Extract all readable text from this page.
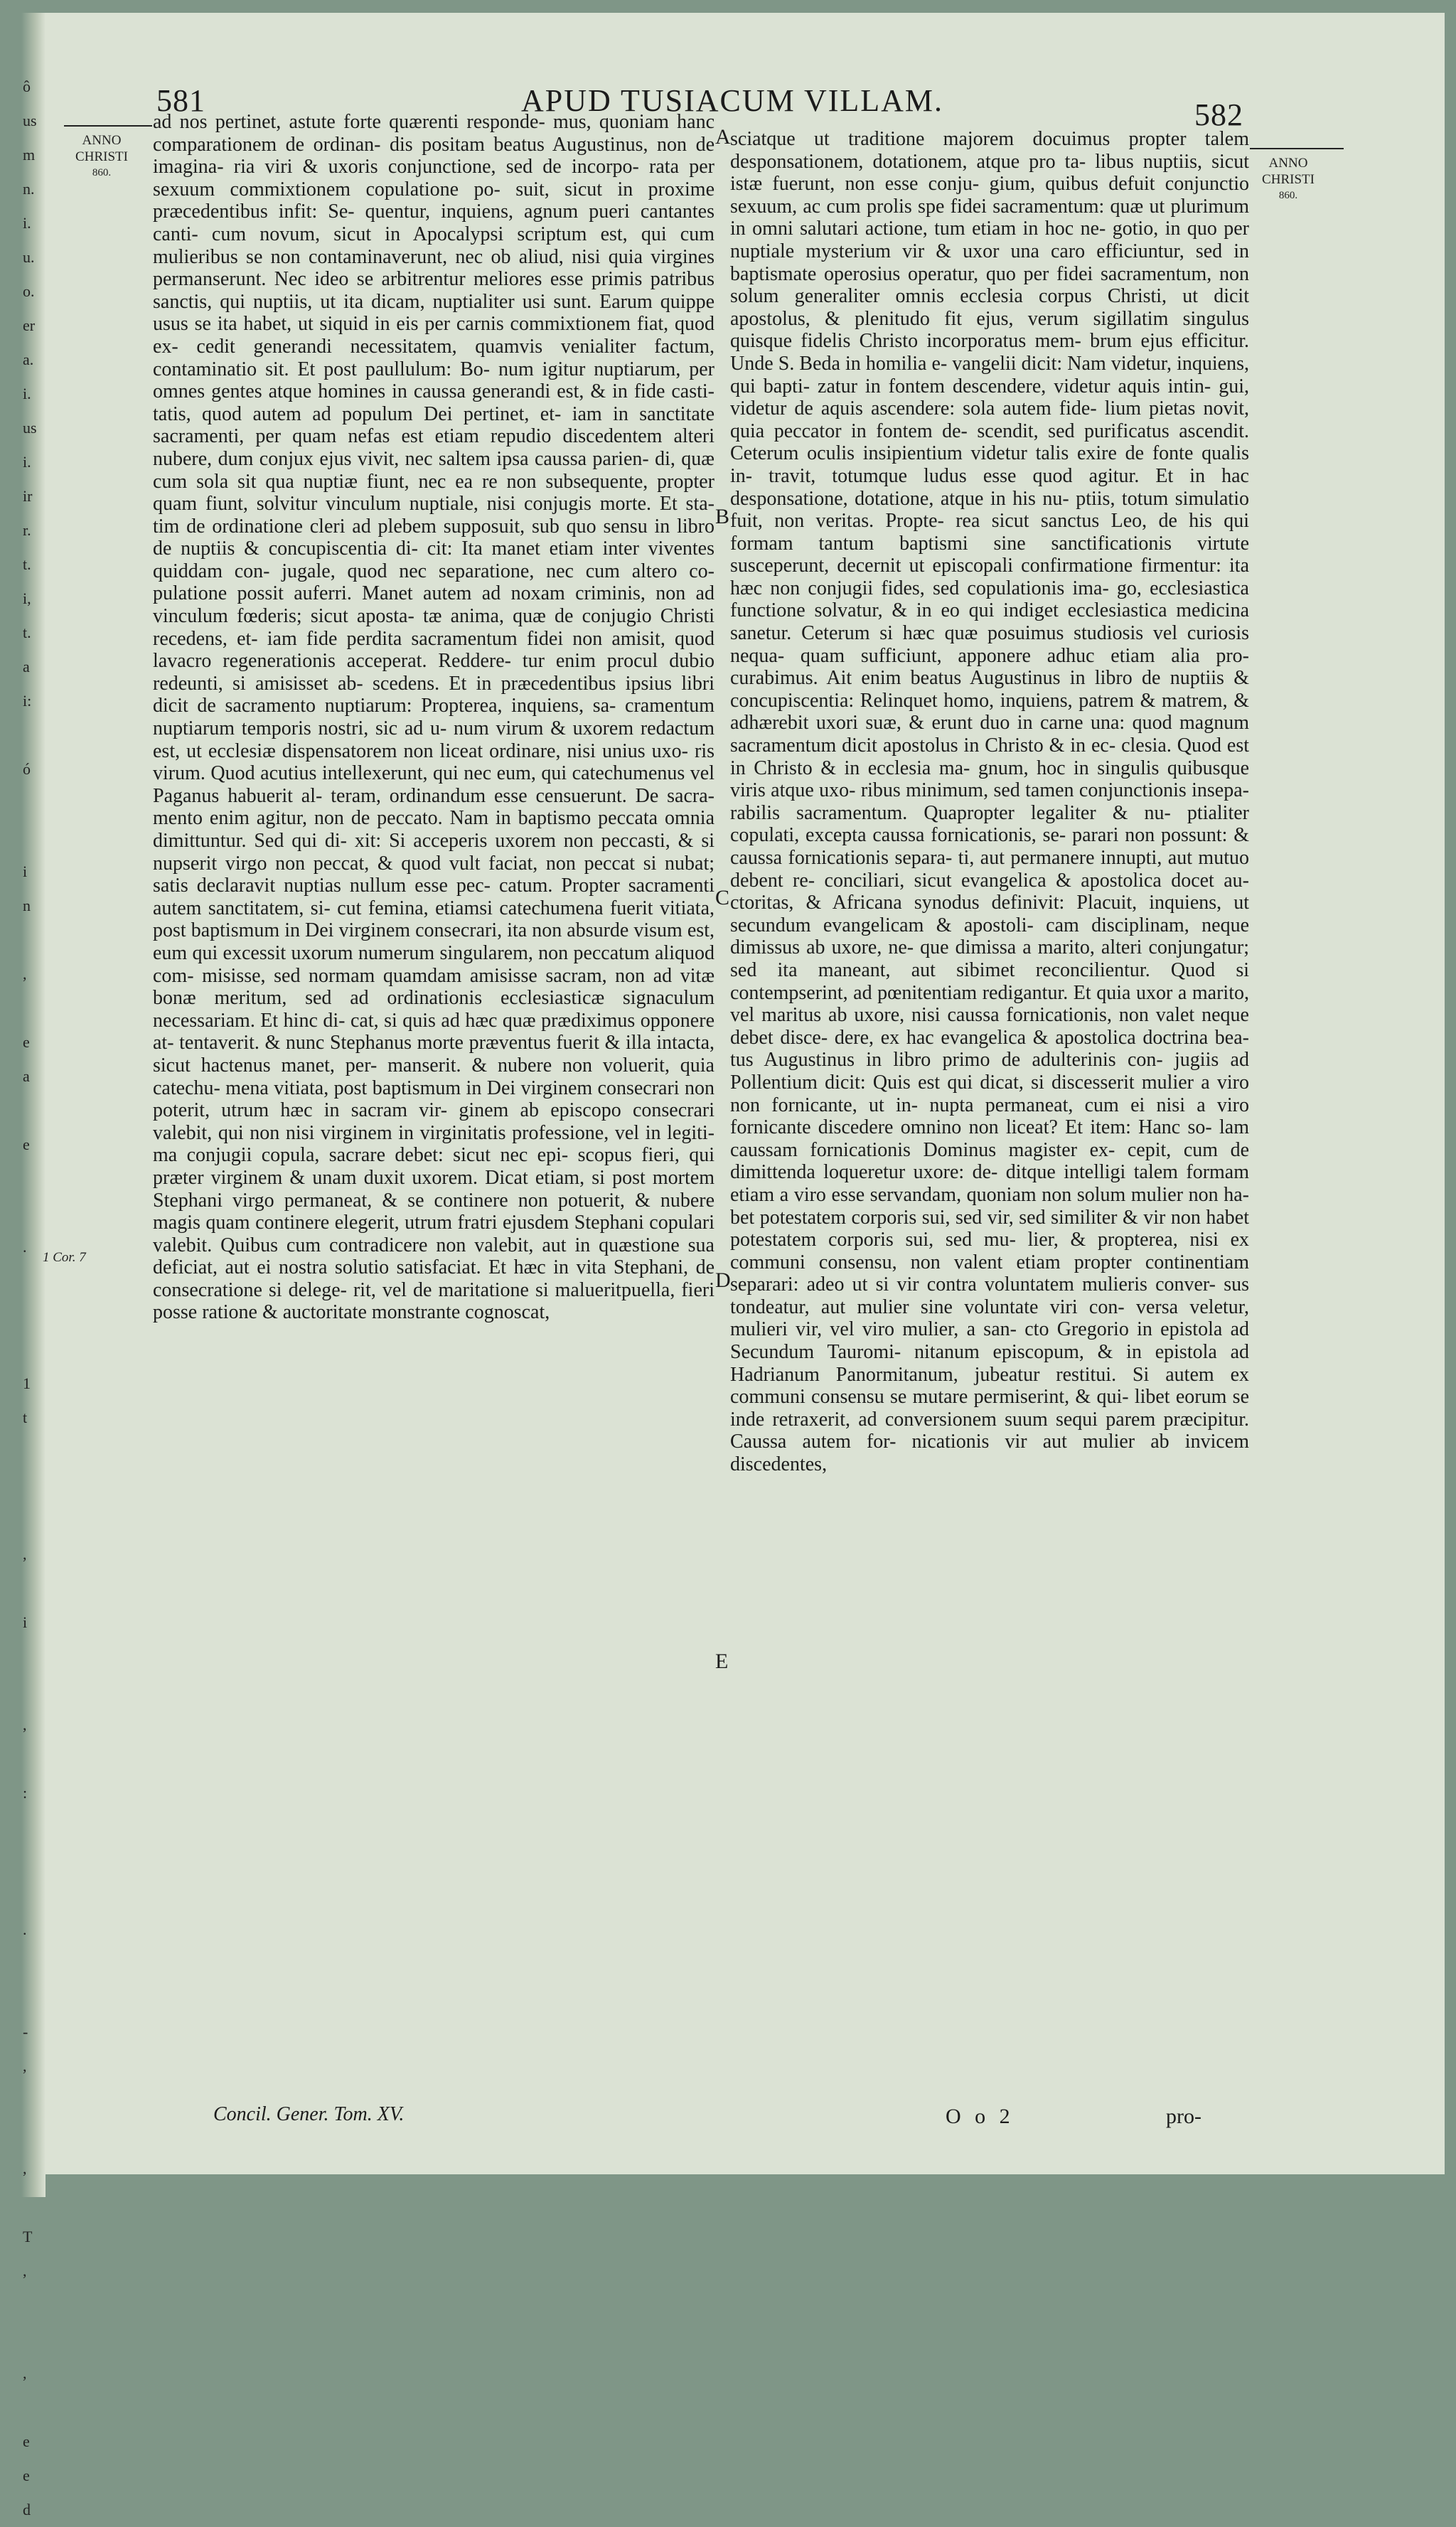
ô
us
m
n.
i.
u.
o.
er
a.
i.
us
i.
ir
r.
t.
i,
t.
a
i:

ó

i
n

,

e
a

e

.

1
t

,

i

,

:

.

-
,

,

T
,

,

e
e
d
581	APUD TUSIACUM VILLAM.	582
ANNO
CHRISTI
860.
ANNO
CHRISTI
860.
1 Cor. 7
A
B
C
D
E
ad nos pertinet, astute forte quærenti responde- mus, quoniam hanc comparationem de ordinan- dis positam beatus Augustinus, non de imagina- ria viri & uxoris conjunctione, sed de incorpo- rata per sexuum commixtionem copulatione po- suit, sicut in proxime præcedentibus infit: Se- quentur, inquiens, agnum pueri cantantes canti- cum novum, sicut in Apocalypsi scriptum est, qui cum mulieribus se non contaminaverunt, nec ob aliud, nisi quia virgines permanserunt. Nec ideo se arbitrentur meliores esse primis patribus sanctis, qui nuptiis, ut ita dicam, nuptialiter usi sunt. Earum quippe usus se ita habet, ut siquid in eis per carnis commixtionem fiat, quod ex- cedit generandi necessitatem, quamvis venialiter factum, contaminatio sit. Et post paullulum: Bo- num igitur nuptiarum, per omnes gentes atque homines in caussa generandi est, & in fide casti- tatis, quod autem ad populum Dei pertinet, et- iam in sanctitate sacramenti, per quam nefas est etiam repudio discedentem alteri nubere, dum conjux ejus vivit, nec saltem ipsa caussa parien- di, quæ cum sola sit qua nuptiæ fiunt, nec ea re non subsequente, propter quam fiunt, solvitur vinculum nuptiale, nisi conjugis morte. Et sta- tim de ordinatione cleri ad plebem supposuit, sub quo sensu in libro de nuptiis & concupiscentia di- cit: Ita manet etiam inter viventes quiddam con- jugale, quod nec separatione, nec cum altero co- pulatione possit auferri. Manet autem ad noxam criminis, non ad vinculum fœderis; sicut aposta- tæ anima, quæ de conjugio Christi recedens, et- iam fide perdita sacramentum fidei non amisit, quod lavacro regenerationis acceperat. Reddere- tur enim procul dubio redeunti, si amisisset ab- scedens. Et in præcedentibus ipsius libri dicit de sacramento nuptiarum: Propterea, inquiens, sa- cramentum nuptiarum temporis nostri, sic ad u- num virum & uxorem redactum est, ut ecclesiæ dispensatorem non liceat ordinare, nisi unius uxo- ris virum. Quod acutius intellexerunt, qui nec eum, qui catechumenus vel Paganus habuerit al- teram, ordinandum esse censuerunt. De sacra- mento enim agitur, non de peccato. Nam in baptismo peccata omnia dimittuntur. Sed qui di- xit: Si acceperis uxorem non peccasti, & si nupserit virgo non peccat, & quod vult faciat, non peccat si nubat; satis declaravit nuptias nullum esse pec- catum. Propter sacramenti autem sanctitatem, si- cut femina, etiamsi catechumena fuerit vitiata, post baptismum in Dei virginem consecrari, ita non absurde visum est, eum qui excessit uxorum numerum singularem, non peccatum aliquod com- misisse, sed normam quamdam amisisse sacram, non ad vitæ bonæ meritum, sed ad ordinationis ecclesiasticæ signaculum necessariam. Et hinc di- cat, si quis ad hæc quæ prædiximus opponere at- tentaverit. & nunc Stephanus morte præventus fuerit & illa intacta, sicut hactenus manet, per- manserit. & nubere non voluerit, quia catechu- mena vitiata, post baptismum in Dei virginem consecrari non poterit, utrum hæc in sacram vir- ginem ab episcopo consecrari valebit, qui non nisi virginem in virginitatis professione, vel in legiti- ma conjugii copula, sacrare debet: sicut nec epi- scopus fieri, qui præter virginem & unam duxit uxorem. Dicat etiam, si post mortem Stephani virgo permaneat, & se continere non potuerit, & nubere magis quam continere elegerit, utrum fratri ejusdem Stephani copulari valebit. Quibus cum contradicere non valebit, aut in quæstione sua deficiat, aut ei nostra solutio satisfaciat. Et hæc in vita Stephani, de consecratione si delege- rit, vel de maritatione si malueritpuella, fieri posse ratione & auctoritate monstrante cognoscat,
sciatque ut traditione majorem docuimus propter talem desponsationem, dotationem, atque pro ta- libus nuptiis, sicut istæ fuerunt, non esse conju- gium, quibus defuit conjunctio sexuum, ac cum prolis spe fidei sacramentum: quæ ut plurimum in omni salutari actione, tum etiam in hoc ne- gotio, in quo per nuptiale mysterium vir & uxor una caro efficiuntur, sed in baptismate operosius operatur, quo per fidei sacramentum, non solum generaliter omnis ecclesia corpus Christi, ut dicit apostolus, & plenitudo fit ejus, verum sigillatim singulus quisque fidelis Christo incorporatus mem- brum ejus efficitur. Unde S. Beda in homilia e- vangelii dicit: Nam videtur, inquiens, qui bapti- zatur in fontem descendere, videtur aquis intin- gui, videtur de aquis ascendere: sola autem fide- lium pietas novit, quia peccator in fontem de- scendit, sed purificatus ascendit. Ceterum oculis insipientium videtur talis exire de fonte qualis in- travit, totumque ludus esse quod agitur. Et in hac desponsatione, dotatione, atque in his nu- ptiis, totum simulatio fuit, non veritas. Propte- rea sicut sanctus Leo, de his qui formam tantum baptismi sine sanctificationis virtute susceperunt, decernit ut episcopali confirmatione firmentur: ita hæc non conjugii fides, sed copulationis ima- go, ecclesiastica functione solvatur, & in eo qui indiget ecclesiastica medicina sanetur. Ceterum si hæc quæ posuimus studiosis vel curiosis nequa- quam sufficiunt, apponere adhuc etiam alia pro- curabimus. Ait enim beatus Augustinus in libro de nuptiis & concupiscentia: Relinquet homo, inquiens, patrem & matrem, & adhærebit uxori suæ, & erunt duo in carne una: quod magnum sacramentum dicit apostolus in Christo & in ec- clesia. Quod est in Christo & in ecclesia ma- gnum, hoc in singulis quibusque viris atque uxo- ribus minimum, sed tamen conjunctionis insepa- rabilis sacramentum. Quapropter legaliter & nu- ptialiter copulati, excepta caussa fornicationis, se- parari non possunt: & caussa fornicationis separa- ti, aut permanere innupti, aut mutuo debent re- conciliari, sicut evangelica & apostolica docet au- ctoritas, & Africana synodus definivit: Placuit, inquiens, ut secundum evangelicam & apostoli- cam disciplinam, neque dimissus ab uxore, ne- que dimissa a marito, alteri conjungatur; sed ita maneant, aut sibimet reconcilientur. Quod si contempserint, ad pœnitentiam redigantur. Et quia uxor a marito, vel maritus ab uxore, nisi caussa fornicationis, non valet neque debet disce- dere, ex hac evangelica & apostolica doctrina bea- tus Augustinus in libro primo de adulterinis con- jugiis ad Pollentium dicit: Quis est qui dicat, si discesserit mulier a viro non fornicante, ut in- nupta permaneat, cum ei nisi a viro fornicante discedere omnino non liceat? Et item: Hanc so- lam caussam fornicationis Dominus magister ex- cepit, cum de dimittenda loqueretur uxore: de- ditque intelligi talem formam etiam a viro esse servandam, quoniam non solum mulier non ha- bet potestatem corporis sui, sed vir, sed similiter & vir non habet potestatem corporis sui, sed mu- lier, & propterea, nisi ex communi consensu, non valent etiam propter continentiam separari: adeo ut si vir contra voluntatem mulieris conver- sus tondeatur, aut mulier sine voluntate viri con- versa veletur, mulieri vir, vel viro mulier, a san- cto Gregorio in epistola ad Secundum Tauromi- nitanum episcopum, & in epistola ad Hadrianum Panormitanum, jubeatur restitui. Si autem ex communi consensu se mutare permiserint, & qui- libet eorum se inde retraxerit, ad conversionem suum sequi parem præcipitur. Caussa autem for- nicationis vir aut mulier ab invicem discedentes,
Concil. Gener. Tom. XV.	O o 2	pro-
